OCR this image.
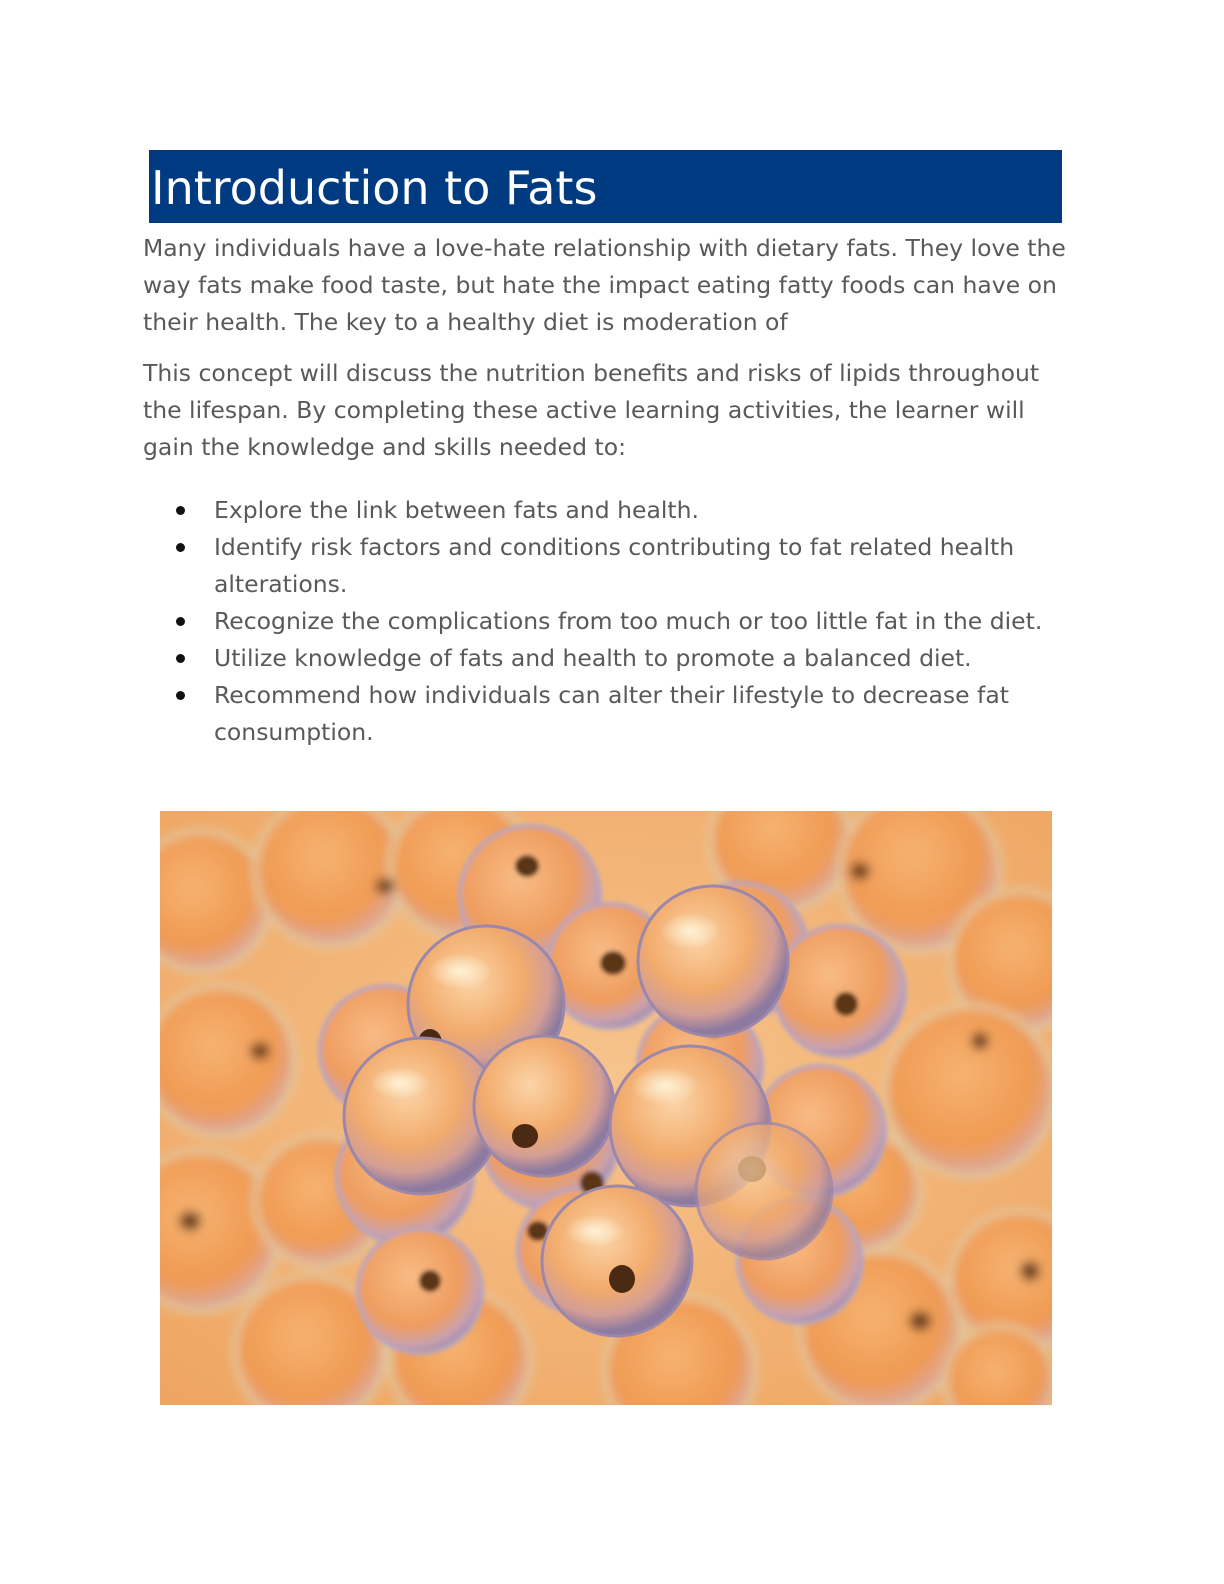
Introduction to Fats

Many individuals have a love-hate relationship with dietary fats. They love the way fats make food taste, but hate the impact eating fatty foods can have on their health. The key to a healthy diet is moderation of

This concept will discuss the nutrition benefits and risks of lipids throughout the lifespan. By completing these active learning activities, the learner will gain the knowledge and skills needed to:

Explore the link between fats and health.
Identify risk factors and conditions contributing to fat related health alterations.
Recognize the complications from too much or too little fat in the diet.
Utilize knowledge of fats and health to promote a balanced diet.
Recommend how individuals can alter their lifestyle to decrease fat consumption.
